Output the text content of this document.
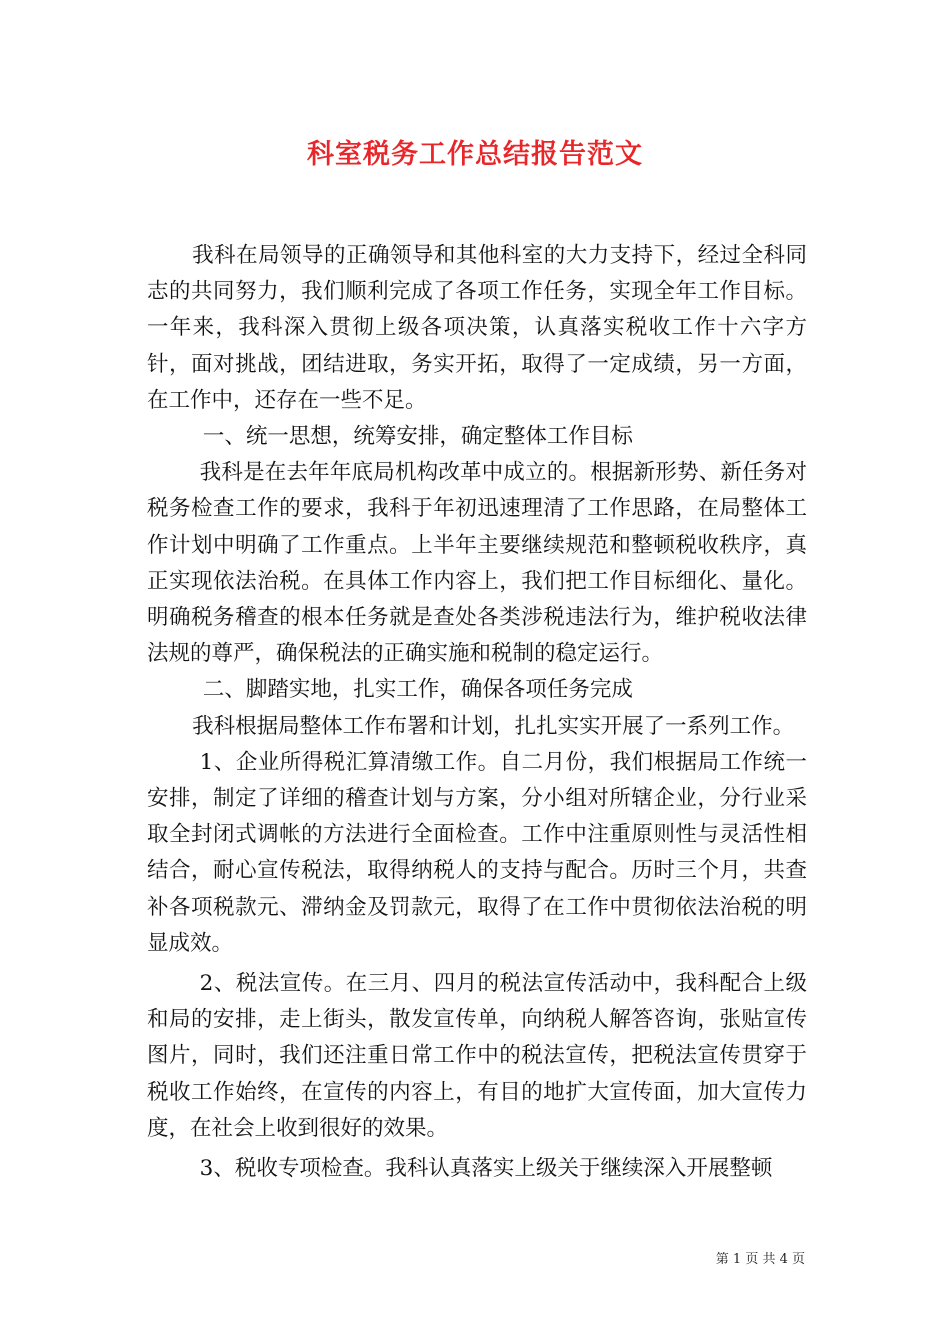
科室税务工作总结报告范文

我科在局领导的正确领导和其他科室的大力支持下，经过全科同志的共同努力，我们顺利完成了各项工作任务，实现全年工作目标。一年来，我科深入贯彻上级各项决策，认真落实税收工作十六字方针，面对挑战，团结进取，务实开拓，取得了一定成绩，另一方面，在工作中，还存在一些不足。

一、统一思想，统筹安排，确定整体工作目标

我科是在去年年底局机构改革中成立的。根据新形势、新任务对税务检查工作的要求，我科于年初迅速理清了工作思路，在局整体工作计划中明确了工作重点。上半年主要继续规范和整顿税收秩序，真正实现依法治税。在具体工作内容上，我们把工作目标细化、量化。明确税务稽查的根本任务就是查处各类涉税违法行为，维护税收法律法规的尊严，确保税法的正确实施和税制的稳定运行。

二、脚踏实地，扎实工作，确保各项任务完成

我科根据局整体工作布署和计划，扎扎实实开展了一系列工作。

1、企业所得税汇算清缴工作。自二月份，我们根据局工作统一安排，制定了详细的稽查计划与方案，分小组对所辖企业，分行业采取全封闭式调帐的方法进行全面检查。工作中注重原则性与灵活性相结合，耐心宣传税法，取得纳税人的支持与配合。历时三个月，共查补各项税款元、滞纳金及罚款元，取得了在工作中贯彻依法治税的明显成效。

2、税法宣传。在三月、四月的税法宣传活动中，我科配合上级和局的安排，走上街头，散发宣传单，向纳税人解答咨询，张贴宣传图片，同时，我们还注重日常工作中的税法宣传，把税法宣传贯穿于税收工作始终，在宣传的内容上，有目的地扩大宣传面，加大宣传力度，在社会上收到很好的效果。

3、税收专项检查。我科认真落实上级关于继续深入开展整顿

第 1 页 共 4 页
